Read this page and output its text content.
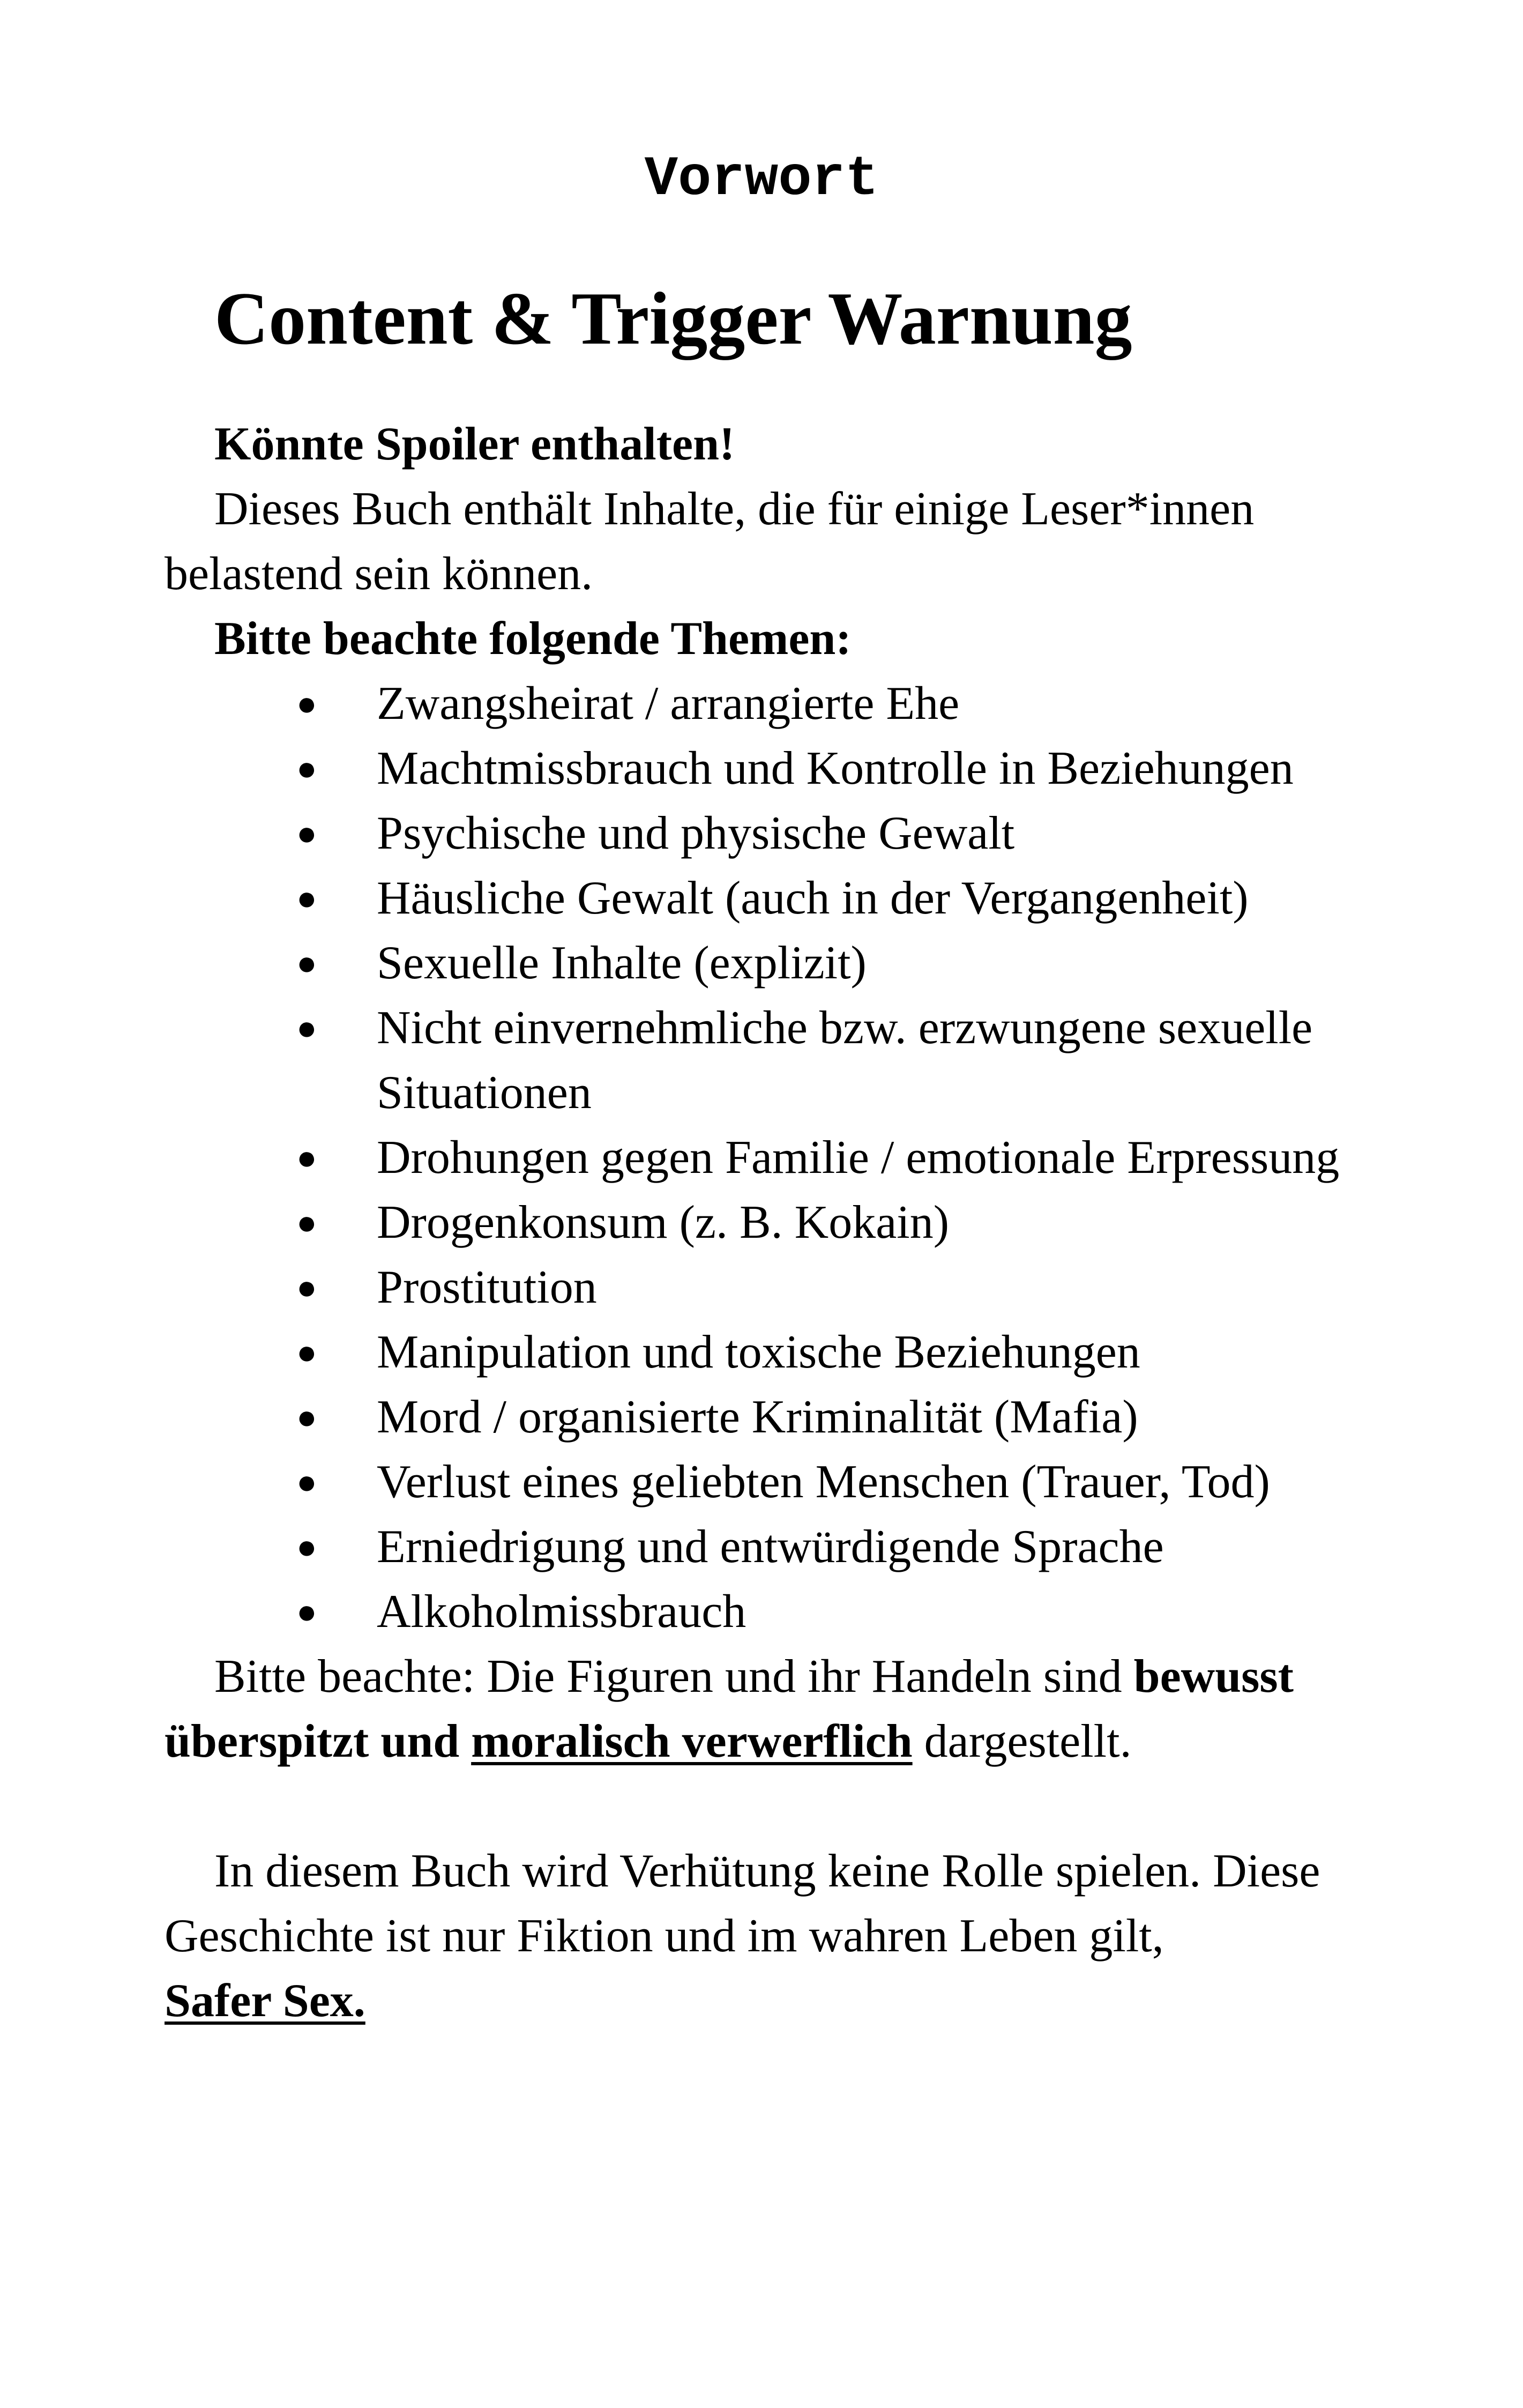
Vorwort
Content & Trigger Warnung

Könnte Spoiler enthalten!

Dieses Buch enthält Inhalte, die für einige Leser*innen belastend sein können.

Bitte beachte folgende Themen:

● Zwangsheirat / arrangierte Ehe
● Machtmissbrauch und Kontrolle in Beziehungen
● Psychische und physische Gewalt
● Häusliche Gewalt (auch in der Vergangenheit)
● Sexuelle Inhalte (explizit)
● Nicht einvernehmliche bzw. erzwungene sexuelle Situationen
● Drohungen gegen Familie / emotionale Erpressung
● Drogenkonsum (z. B. Kokain)
● Prostitution
● Manipulation und toxische Beziehungen
● Mord / organisierte Kriminalität (Mafia)
● Verlust eines geliebten Menschen (Trauer, Tod)
● Erniedrigung und entwürdigende Sprache
● Alkoholmissbrauch

Bitte beachte: Die Figuren und ihr Handeln sind bewusst überspitzt und moralisch verwerflich dargestellt.

In diesem Buch wird Verhütung keine Rolle spielen. Diese Geschichte ist nur Fiktion und im wahren Leben gilt,

Safer Sex.
